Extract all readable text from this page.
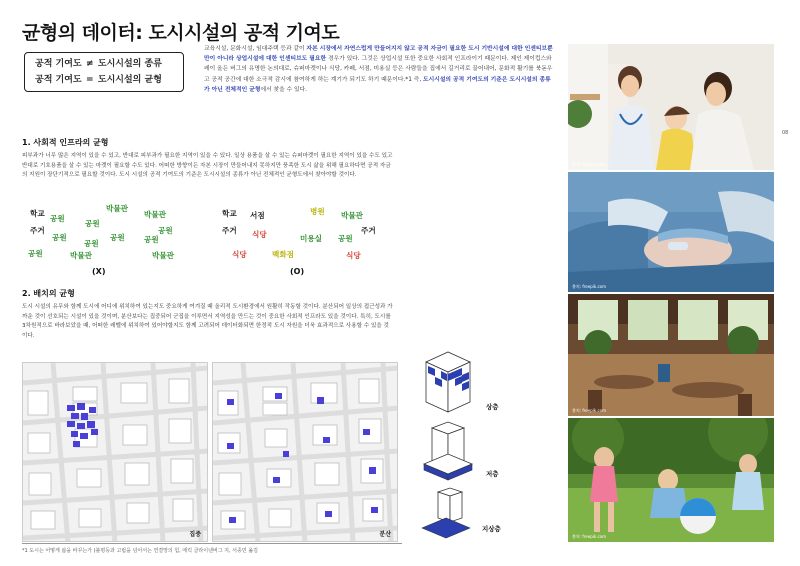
균형의 데이터: 도시시설의 공적 기여도
공적 기여도 ≠ 도시시설의 종류
공적 기여도 = 도시시설의 균형
교육시설, 문화시설, 임대주택 등과 같이 자본 시장에서 자연스럽게 만들어지지 않고 공적 자금이 필요한 도시 기반시설에 대한 인센티브뿐만이 아니라 상업시설에 대한 인센티브도 필요한 경우가 있다. 그것은 상업시설 또한 중요한 사회적 인프라이기 때문이다. 제인 제이컵스와 레이 올든 버그의 유명한 논의대로, 슈퍼마켓이나 식당, 카페, 서점, 미용실 등은 사람들을 집에서 길거리로 끌어내어, 문화적 활기를 북돋우고 공적 공간에 대한 소극적 감시에 참여하게 하는 계기가 되기도 하기 때문이다.*1 즉, 도시시설의 공적 기여도의 기준은 도시시설의 종류가 아닌 전체적인 균형에서 찾을 수 있다.
1. 사회적 인프라의 균형
피부과가 너무 많은 지역이 있을 수 있고, 반대로 피부과가 필요한 지역이 있을 수 있다. 일상 용품을 살 수 있는 슈퍼마켓이 필요한 지역이 있을 수도 있고 반대로 기호용품을 살 수 있는 마켓이 필요할 수도 있다. 어떠한 방향이든 자본 시장이 만들어내지 못하지만 풍족한 도시 삶을 위해 필요하다면 공적 자금의 지원이 장단기적으로 필요할 것이다. 도시 시설의 공적 기여도의 기준은 도시시설의 종류가 아닌 전체적인 균형도에서 찾아야할 것이다.
학교
공원
공원
박물관
박물관
주거
공원	공원
공원
공원	공원
공원	박물관	박물관
(X)
학교 서점	병원 박물관
주거 식당	주거
미용실 공원
식당	백화점	식당
(O)
2. 배치의 균형
도시 시설의 유무와 함께 도시에 어디에 위치하여 있는지도 중요하게 여겨질 때 올리적 도시환경에서 원활히 작동할 것이다. 분산되어 일상의 접근성과 가까운 것이 선호되는 시설이 있을 것이며, 분산보다는 집중되어 군집을 이루면서 지역성을 만드는 것이 중요한 사회적 인프라도 있을 것이다. 특히, 도시를 3차원적으로 바라보았을 때, 어떠한 레벨에 위치하여 있어야할지도 함께 고려되어 데이터화되면 한정적 도시 자원을 더욱 효과적으로 사용할 수 있을 것이다.
집중	분산
상층
저층
지상층
*1 도시는 어떻게 삶을 바꾸는가 (불평등과 고립을 넘어서는 연결망의 힘, 에릭 클라이넨버그 지, 서종민 옮김
08
출처: freepik.com
출처: freepik.com
출처: freepik.com
출처: freepik.com
